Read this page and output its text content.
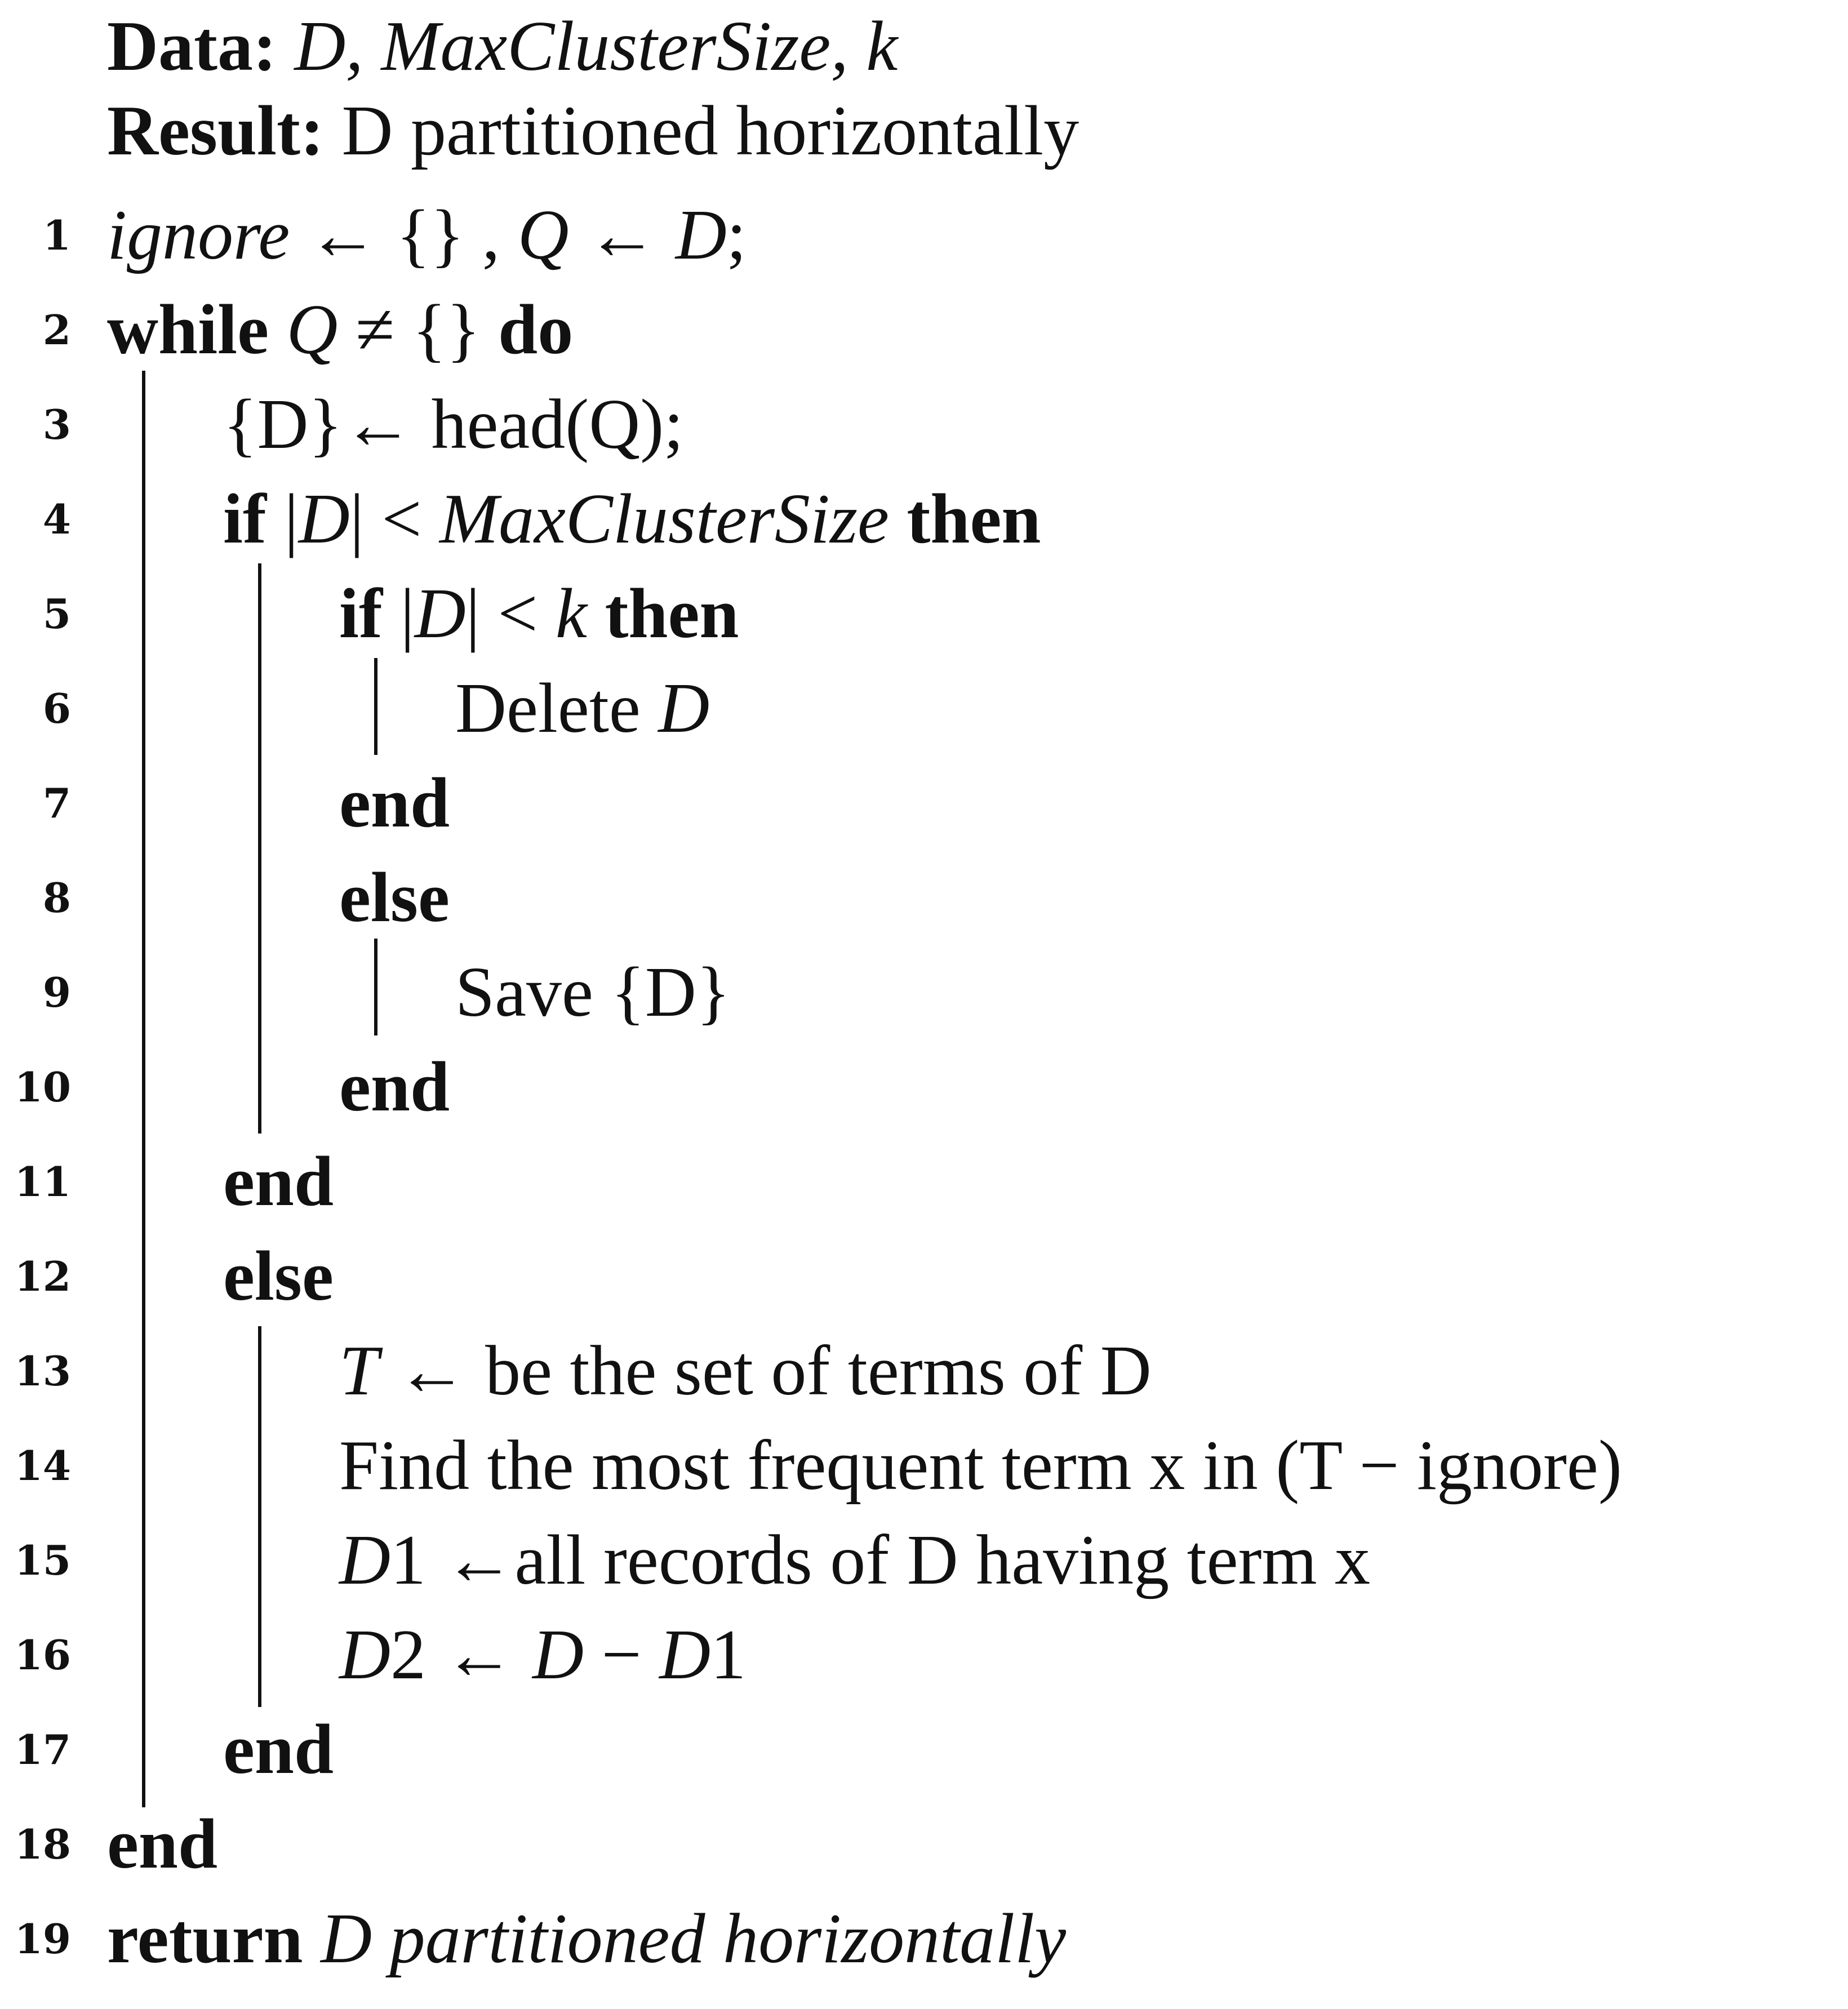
Data: D, MaxClusterSize, k
Result: D partitioned horizontally
1 ignore ← {} , Q ← D;
2 while Q ≠ {} do
3 {D}← head(Q);
4 if |D| < MaxClusterSize then
5	if |D| < k then
6	Delete D
7	end
8	else
9	Save {D}
10	end
11 end
12 else
13	T ← be the set of terms of D
14	Find the most frequent term x in (T − ignore)
15	D1 ←all records of D having term x
16	D2 ← D − D1
17 end
18 end
19 return D partitioned horizontally
